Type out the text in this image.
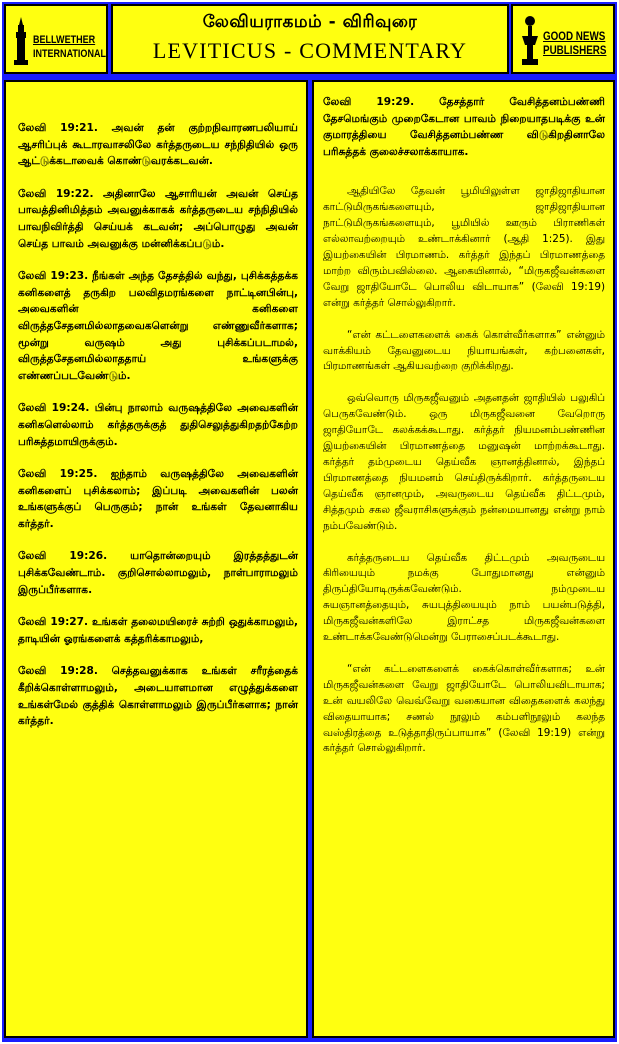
BELLWETHER
INTERNATIONAL
லேவியராகமம் - விரிவுரை
LEVITICUS - COMMENTARY
GOOD NEWS
PUBLISHERS

லேவி 19:21. அவன் தன் குற்றநிவாரணபலியாய் ஆசரிப்புக் கூடாரவாசலிலே கர்த்தருடைய சந்நிதியில் ஒரு ஆட்டுக்கடாவைக் கொண்டுவரக்கடவன்.

லேவி 19:22. அதினாலே ஆசாரியன் அவன் செய்த பாவத்தினிமித்தம் அவனுக்காகக் கர்த்தருடைய சந்நிதியில் பாவநிவிர்த்தி செய்யக் கடவன்; அப்பொழுது அவன் செய்த பாவம் அவனுக்கு மன்னிக்கப்படும்.

லேவி 19:23. நீங்கள் அந்த தேசத்தில் வந்து, புசிக்கத்தக்க கனிகளைத் தருகிற பலவிதமரங்களை நாட்டினபின்பு, அவைகளின் கனிகளை விருத்தசேதனமில்லாதவைகளென்று எண்ணுவீர்களாக; மூன்று வருஷம் அது புசிக்கப்படாமல், விருத்தசேதனமில்லாததாய் உங்களுக்கு எண்ணப்படவேண்டும்.

லேவி 19:24. பின்பு நாலாம் வருஷத்திலே அவைகளின் கனிகளெல்லாம் கர்த்தருக்குத் துதிசெலுத்துகிறதற்கேற்ற பரிசுத்தமாயிருக்கும்.

லேவி 19:25. ஐந்தாம் வருஷத்திலே அவைகளின் கனிகளைப் புசிக்கலாம்; இப்படி அவைகளின் பலன் உங்களுக்குப் பெருகும்; நான் உங்கள் தேவனாகிய கர்த்தர்.

லேவி 19:26. யாதொன்றையும் இரத்தத்துடன் புசிக்கவேண்டாம். குறிசொல்லாமலும், நாள்பாராமலும் இருப்பீர்களாக.

லேவி 19:27. உங்கள் தலைமயிரைச் சுற்றி ஒதுக்காமலும், தாடியின் ஓரங்களைக் கத்தரிக்காமலும்,

லேவி 19:28. செத்தவனுக்காக உங்கள் சரீரத்தைக் கீறிக்கொள்ளாமலும், அடையாளமான எழுத்துக்களை உங்கள்மேல் குத்திக் கொள்ளாமலும் இருப்பீர்களாக; நான் கர்த்தர்.

லேவி 19:29. தேசத்தார் வேசித்தனம்பண்ணி தேசமெங்கும் முறைகேடான பாவம் நிறையாதபடிக்கு உன் குமாரத்தியை வேசித்தனம்பண்ண விடுகிறதினாலே பரிசுத்தக் குலைச்சலாக்காயாக.

ஆதியிலே தேவன் பூமியிலுள்ள ஜாதிஜாதியான காட்டுமிருகங்களையும், ஜாதிஜாதியான நாட்டுமிருகங்களையும், பூமியில் ஊரும் பிராணிகள் எல்லாவற்றையும் உண்டாக்கினார் (ஆதி 1:25). இது இயற்கையின் பிரமாணம். கர்த்தர் இந்தப் பிரமாணத்தை மாற்ற விரும்பவில்லை. ஆகையினால், “மிருகஜீவன்களை வேறு ஜாதியோடே பொலிய விடாயாக” (லேவி 19:19) என்று கர்த்தர் சொல்லுகிறார்.

“என் கட்டளைகளைக் கைக் கொள்வீர்களாக” என்னும் வாக்கியம் தேவனுடைய நியாயங்கள், கற்பனைகள், பிரமாணங்கள் ஆகியவற்றை குறிக்கிறது.

ஒவ்வொரு மிருகஜீவனும் அதனதன் ஜாதியில் பலுகிப் பெருகவேண்டும். ஒரு மிருகஜீவனை வேறொரு ஜாதியோடே கலக்கக்கூடாது. கர்த்தர் நியமனம்பண்ணின இயற்கையின் பிரமாணத்தை மனுஷன் மாற்றக்கூடாது. கர்த்தர் தம்முடைய தெய்வீக ஞானத்தினால், இந்தப் பிரமாணத்தை நியமனம் செய்திருக்கிறார். கர்த்தருடைய தெய்வீக ஞானமும், அவருடைய தெய்வீக திட்டமும், சித்தமும் சகல ஜீவராசிகளுக்கும் நன்மையானது என்று நாம் நம்பவேண்டும்.

கர்த்தருடைய தெய்வீக திட்டமும் அவருடைய கிரியையும் நமக்கு போதுமானது என்னும் திருப்தியோடிருக்கவேண்டும். நம்முடைய சுயஞானத்தையும், சுயபுத்தியையும் நாம் பயன்படுத்தி, மிருகஜீவன்களிலே இராட்சத மிருகஜீவன்களை உண்டாக்கவேண்டுமென்று பேராசைப்படக்கூடாது.

“என் கட்டளைகளைக் கைக்கொள்வீர்களாக; உன் மிருகஜீவன்களை வேறு ஜாதியோடே பொலியவிடாயாக; உன் வயலிலே வெவ்வேறு வகையான விதைகளைக் கலந்து விதையாயாக; சணல் நூலும் கம்பளிநூலும் கலந்த வஸ்திரத்தை உடுத்தாதிருப்பாயாக” (லேவி 19:19) என்று கர்த்தர் சொல்லுகிறார்.
